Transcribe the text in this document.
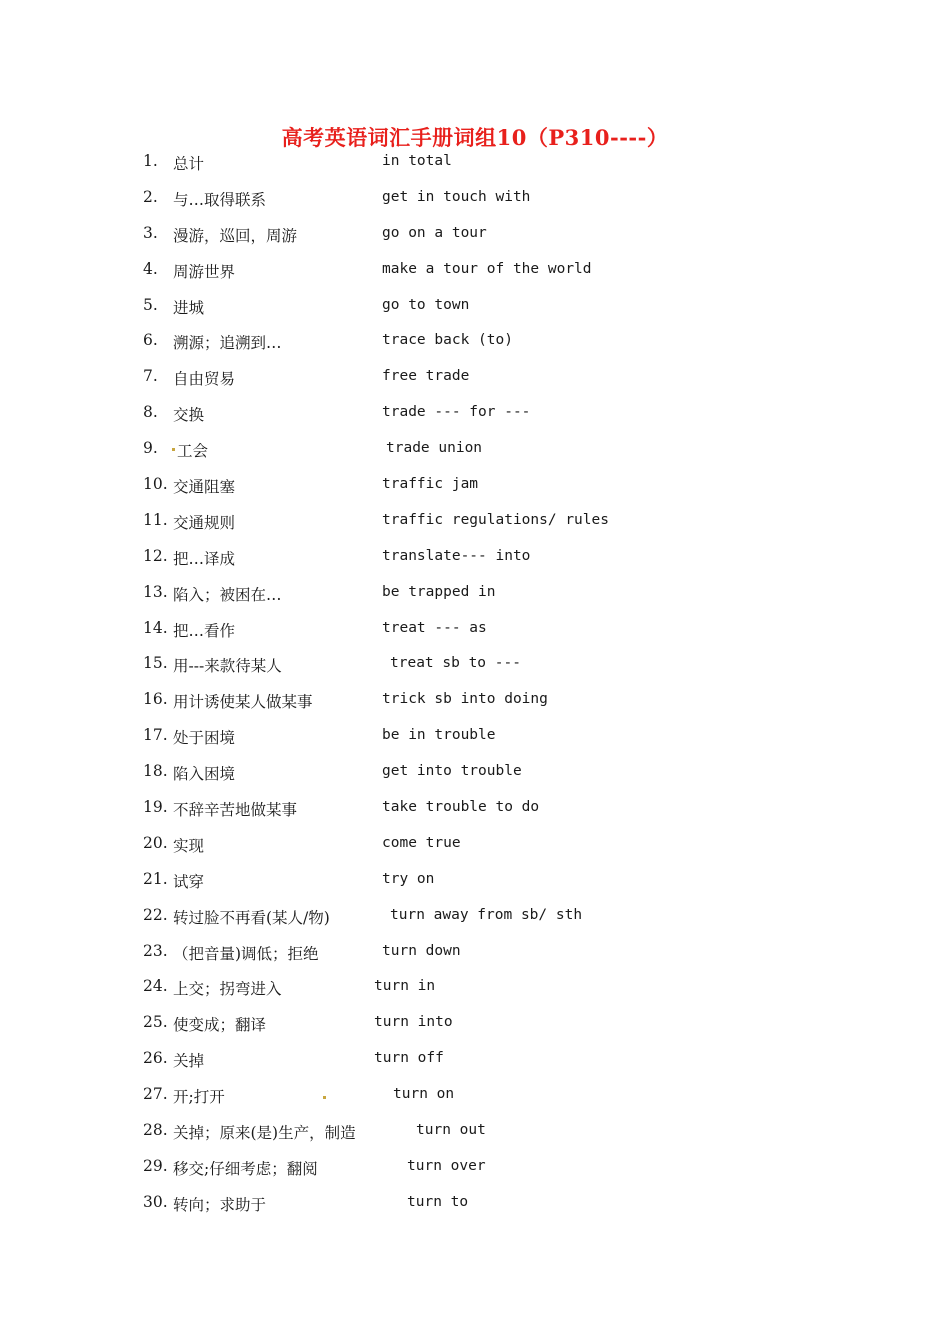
高考英语词汇手册词组10（P310----）
1. 总计	in total
2. 与…取得联系	get in touch with
3. 漫游，巡回，周游	go on a tour
4. 周游世界	make a tour of the world
5. 进城	go to town
6. 溯源；追溯到…	trace back (to)
7. 自由贸易	free trade
8. 交换	trade --- for ---
9. 工会	trade union
10. 交通阻塞	traffic jam
11. 交通规则	traffic regulations/ rules
12. 把…译成	translate--- into
13. 陷入；被困在…	be trapped in
14. 把…看作	treat --- as
15. 用---来款待某人	treat sb to ---
16. 用计诱使某人做某事	trick sb into doing
17. 处于困境	be in trouble
18. 陷入困境	get into trouble
19. 不辞辛苦地做某事	take trouble to do
20. 实现	come true
21. 试穿	try on
22. 转过脸不再看(某人/物)	turn away from sb/ sth
23. （把音量)调低；拒绝	turn down
24. 上交；拐弯进入	turn in
25. 使变成；翻译	turn into
26. 关掉	turn off
27. 开;打开	turn on
28. 关掉；原来(是)生产，制造	turn out
29. 移交;仔细考虑；翻阅	turn over
30. 转向；求助于	turn to
